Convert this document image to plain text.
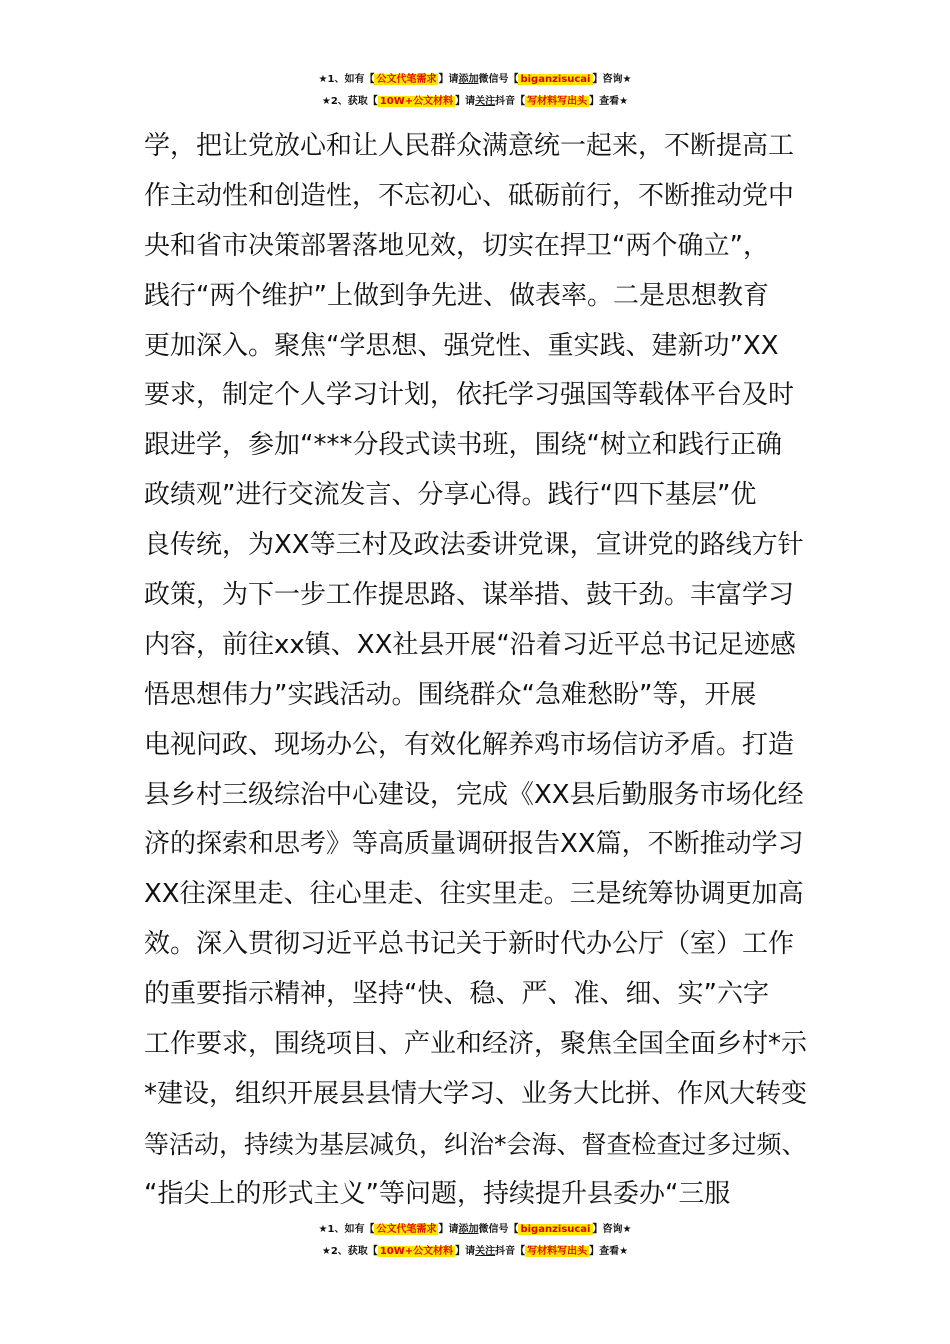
★1、如有【 公文代笔需求 】请添加微信号【 biganzisucai 】咨询★
★2、获取【 10W+公文材料 】请关注抖音【 写材料写出头 】查看★
学，把让党放心和让人民群众满意统一起来，不断提高工
作主动性和创造性，不忘初心、砥砺前行，不断推动党中
央和省市决策部署落地见效，切实在捍卫“两个确立”，
践行“两个维护”上做到争先进、做表率。二是思想教育
更加深入。聚焦“学思想、强党性、重实践、建新功”XX
要求，制定个人学习计划，依托学习强国等载体平台及时
跟进学，参加“***分段式读书班，围绕“树立和践行正确
政绩观”进行交流发言、分享心得。践行“四下基层”优
良传统，为XX等三村及政法委讲党课，宣讲党的路线方针
政策，为下一步工作提思路、谋举措、鼓干劲。丰富学习
内容，前往xx镇、XX社县开展“沿着习近平总书记足迹感
悟思想伟力”实践活动。围绕群众“急难愁盼”等，开展
电视问政、现场办公，有效化解养鸡市场信访矛盾。打造
县乡村三级综治中心建设，完成《XX县后勤服务市场化经
济的探索和思考》等高质量调研报告XX篇，不断推动学习
XX往深里走、往心里走、往实里走。三是统筹协调更加高
效。深入贯彻习近平总书记关于新时代办公厅（室）工作
的重要指示精神，坚持“快、稳、严、准、细、实”六字
工作要求，围绕项目、产业和经济，聚焦全国全面乡村*示
*建设，组织开展县县情大学习、业务大比拼、作风大转变
等活动，持续为基层减负，纠治*会海、督查检查过多过频、
“指尖上的形式主义”等问题，持续提升县委办“三服
★1、如有【 公文代笔需求 】请添加微信号【 biganzisucai 】咨询★
★2、获取【 10W+公文材料 】请关注抖音【 写材料写出头 】查看★
